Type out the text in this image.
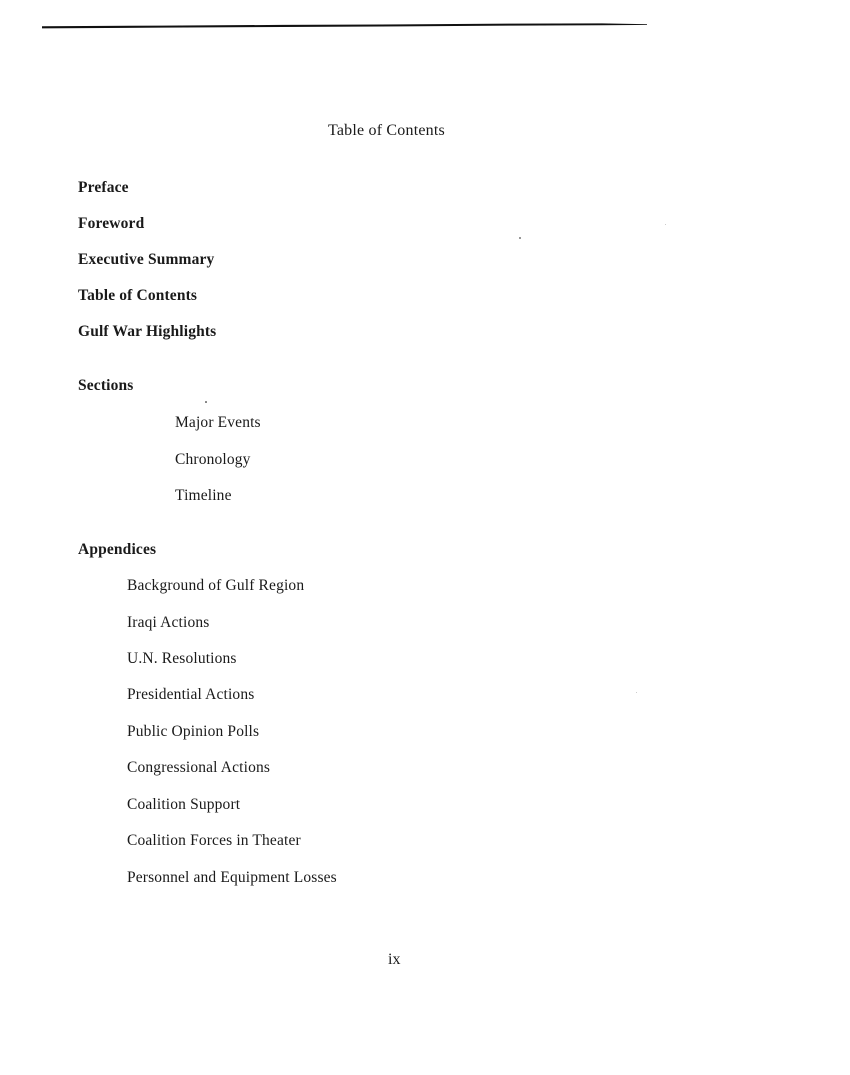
Table of Contents
Preface
Foreword
Executive Summary
Table of Contents
Gulf War Highlights
Sections
Major Events
Chronology
Timeline
Appendices
Background of Gulf Region
Iraqi Actions
U.N. Resolutions
Presidential Actions
Public Opinion Polls
Congressional Actions
Coalition Support
Coalition Forces in Theater
Personnel and Equipment Losses
ix
